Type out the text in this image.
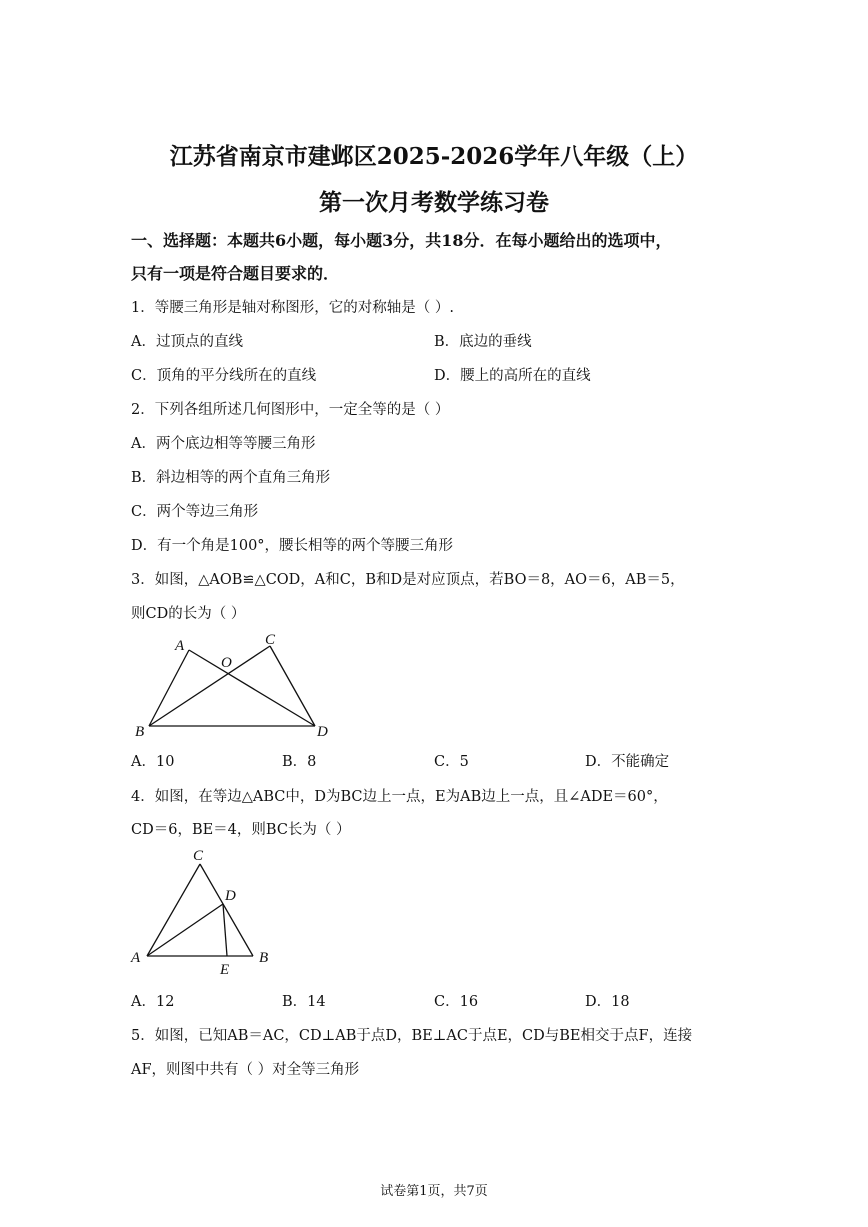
江苏省南京市建邺区2025-2026学年八年级（上）
第一次月考数学练习卷
一、选择题：本题共6小题，每小题3分，共18分．在每小题给出的选项中，
只有一项是符合题目要求的．
1．等腰三角形是轴对称图形，它的对称轴是（ ）.
A．过顶点的直线	B．底边的垂线
C．顶角的平分线所在的直线	D．腰上的高所在的直线
2．下列各组所述几何图形中，一定全等的是（ ）
A．两个底边相等等腰三角形
B．斜边相等的两个直角三角形
C．两个等边三角形
D．有一个角是100°，腰长相等的两个等腰三角形
3．如图，△AOB≌△COD，A和C，B和D是对应顶点，若BO＝8，AO＝6，AB＝5，
则CD的长为（ ）
A	C
O
B	D
A．10	B．8	C．5	D．不能确定
4．如图，在等边△ABC中，D为BC边上一点，E为AB边上一点，且∠ADE＝60°，
CD＝6，BE＝4，则BC长为（ ）
C
D
A	B
E
A．12	B．14	C．16	D．18
5．如图，已知AB＝AC，CD⊥AB于点D，BE⊥AC于点E，CD与BE相交于点F，连接
AF，则图中共有（ ）对全等三角形
试卷第1页，共7页
